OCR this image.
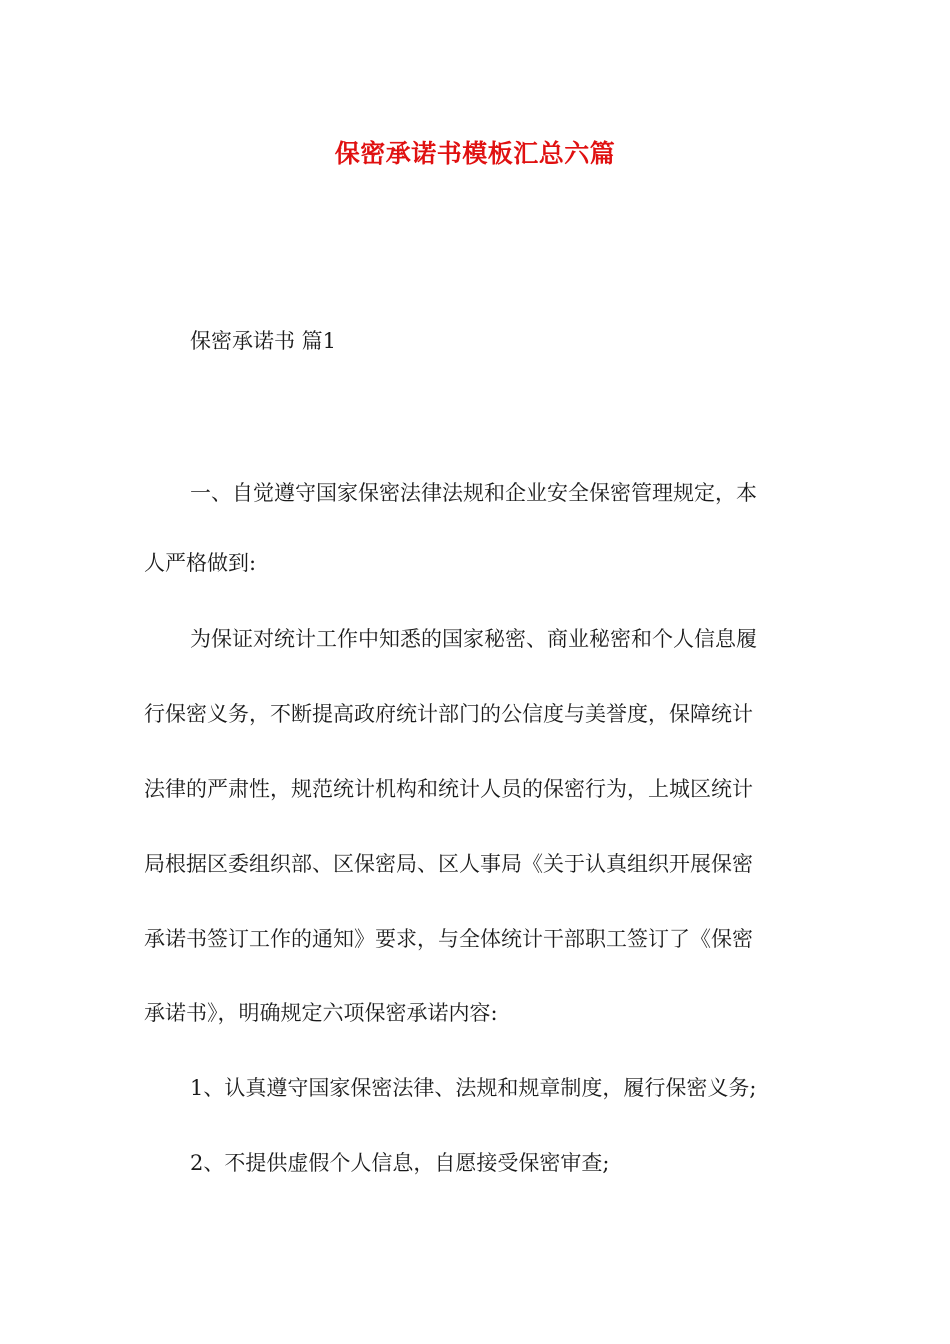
保密承诺书模板汇总六篇
保密承诺书 篇1
一、自觉遵守国家保密法律法规和企业安全保密管理规定，本
人严格做到:
为保证对统计工作中知悉的国家秘密、商业秘密和个人信息履
行保密义务，不断提高政府统计部门的公信度与美誉度，保障统计
法律的严肃性，规范统计机构和统计人员的保密行为，上城区统计
局根据区委组织部、区保密局、区人事局《关于认真组织开展保密
承诺书签订工作的通知》要求，与全体统计干部职工签订了《保密
承诺书》，明确规定六项保密承诺内容:
1、认真遵守国家保密法律、法规和规章制度，履行保密义务;
2、不提供虚假个人信息，自愿接受保密审查;
